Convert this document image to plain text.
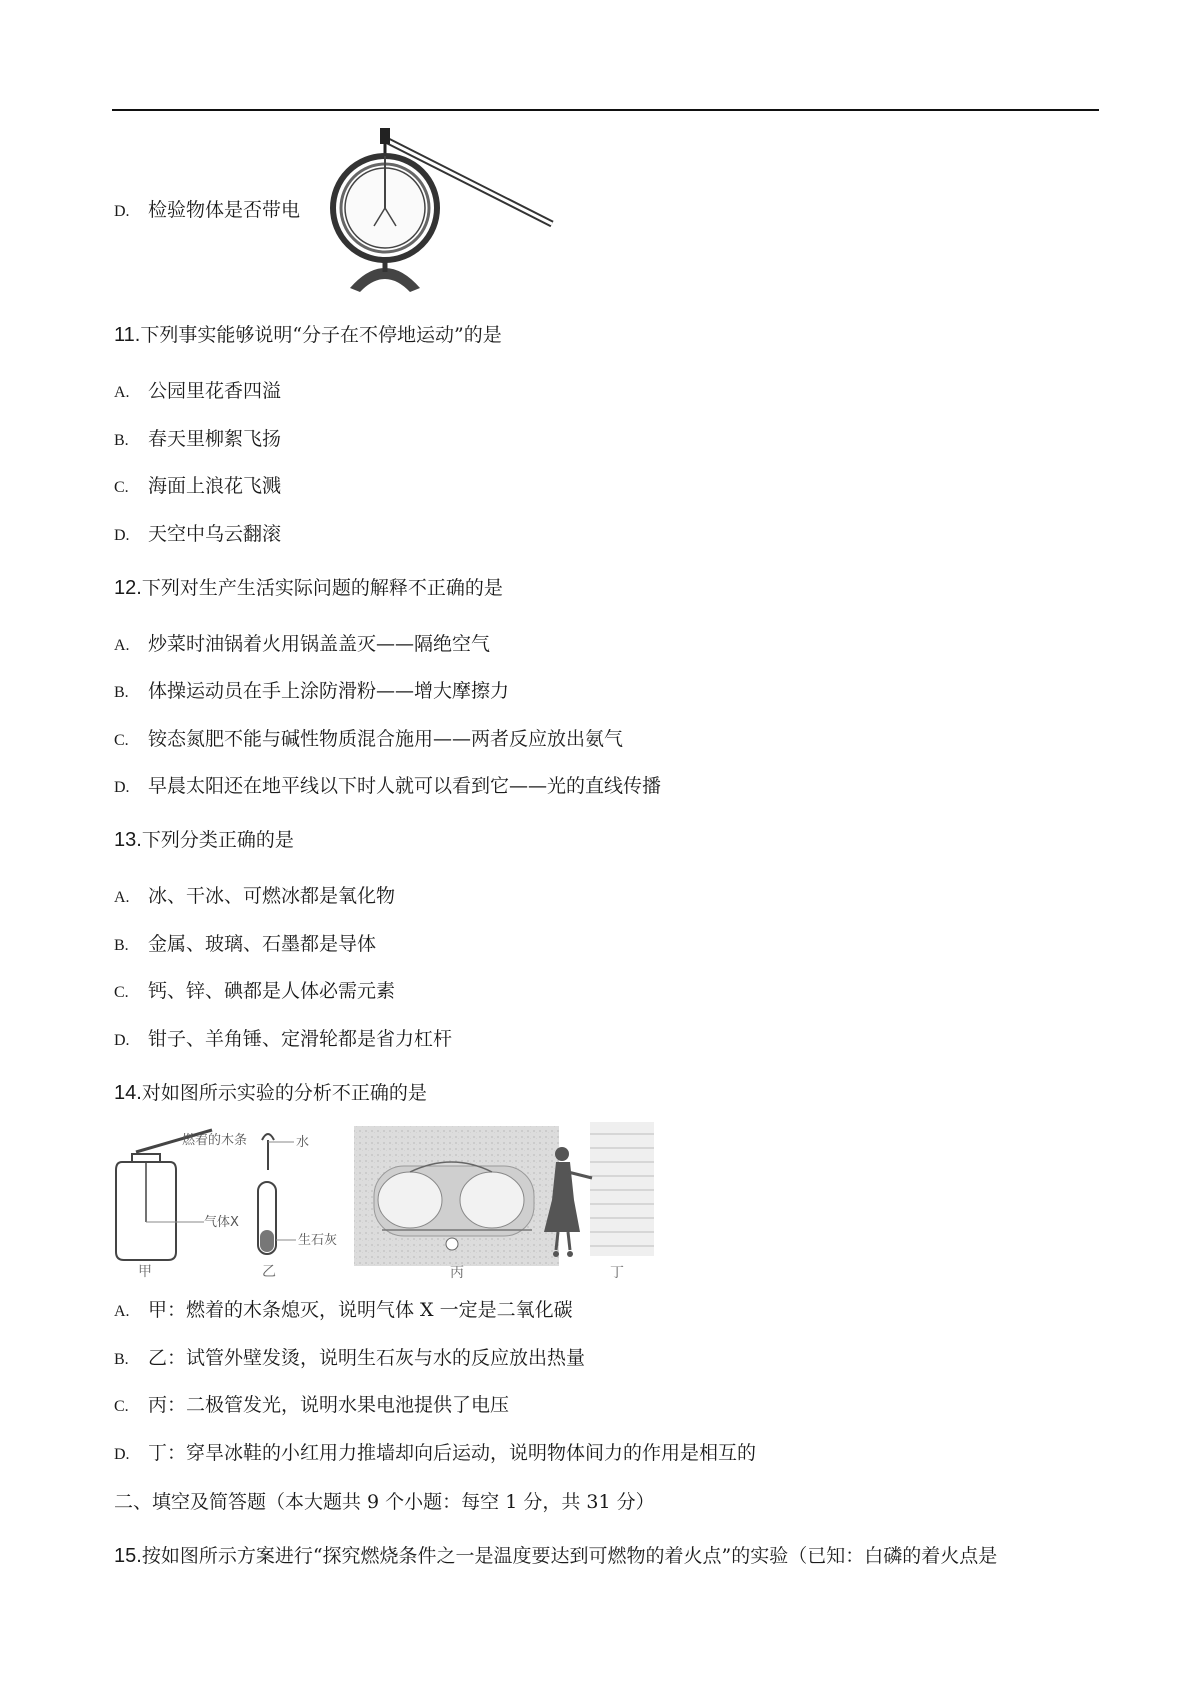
D. 检验物体是否带电
11.下列事实能够说明“分子在不停地运动”的是
A. 公园里花香四溢
B. 春天里柳絮飞扬
C. 海面上浪花飞溅
D. 天空中乌云翻滚
12.下列对生产生活实际问题的解释不正确的是
A. 炒菜时油锅着火用锅盖盖灭——隔绝空气
B. 体操运动员在手上涂防滑粉——增大摩擦力
C. 铵态氮肥不能与碱性物质混合施用——两者反应放出氨气
D. 早晨太阳还在地平线以下时人就可以看到它——光的直线传播
13.下列分类正确的是
A. 冰、干冰、可燃冰都是氧化物
B. 金属、玻璃、石墨都是导体
C. 钙、锌、碘都是人体必需元素
D. 钳子、羊角锤、定滑轮都是省力杠杆
14.对如图所示实验的分析不正确的是
燃着的木条
气体X
甲
水
生石灰
乙	丙	丁
A. 甲：燃着的木条熄灭，说明气体 X 一定是二氧化碳
B. 乙：试管外壁发烫，说明生石灰与水的反应放出热量
C. 丙：二极管发光，说明水果电池提供了电压
D. 丁：穿旱冰鞋的小红用力推墙却向后运动，说明物体间力的作用是相互的
二、填空及简答题（本大题共 9 个小题：每空 1 分，共 31 分）
15.按如图所示方案进行“探究燃烧条件之一是温度要达到可燃物的着火点”的实验（已知：白磷的着火点是
